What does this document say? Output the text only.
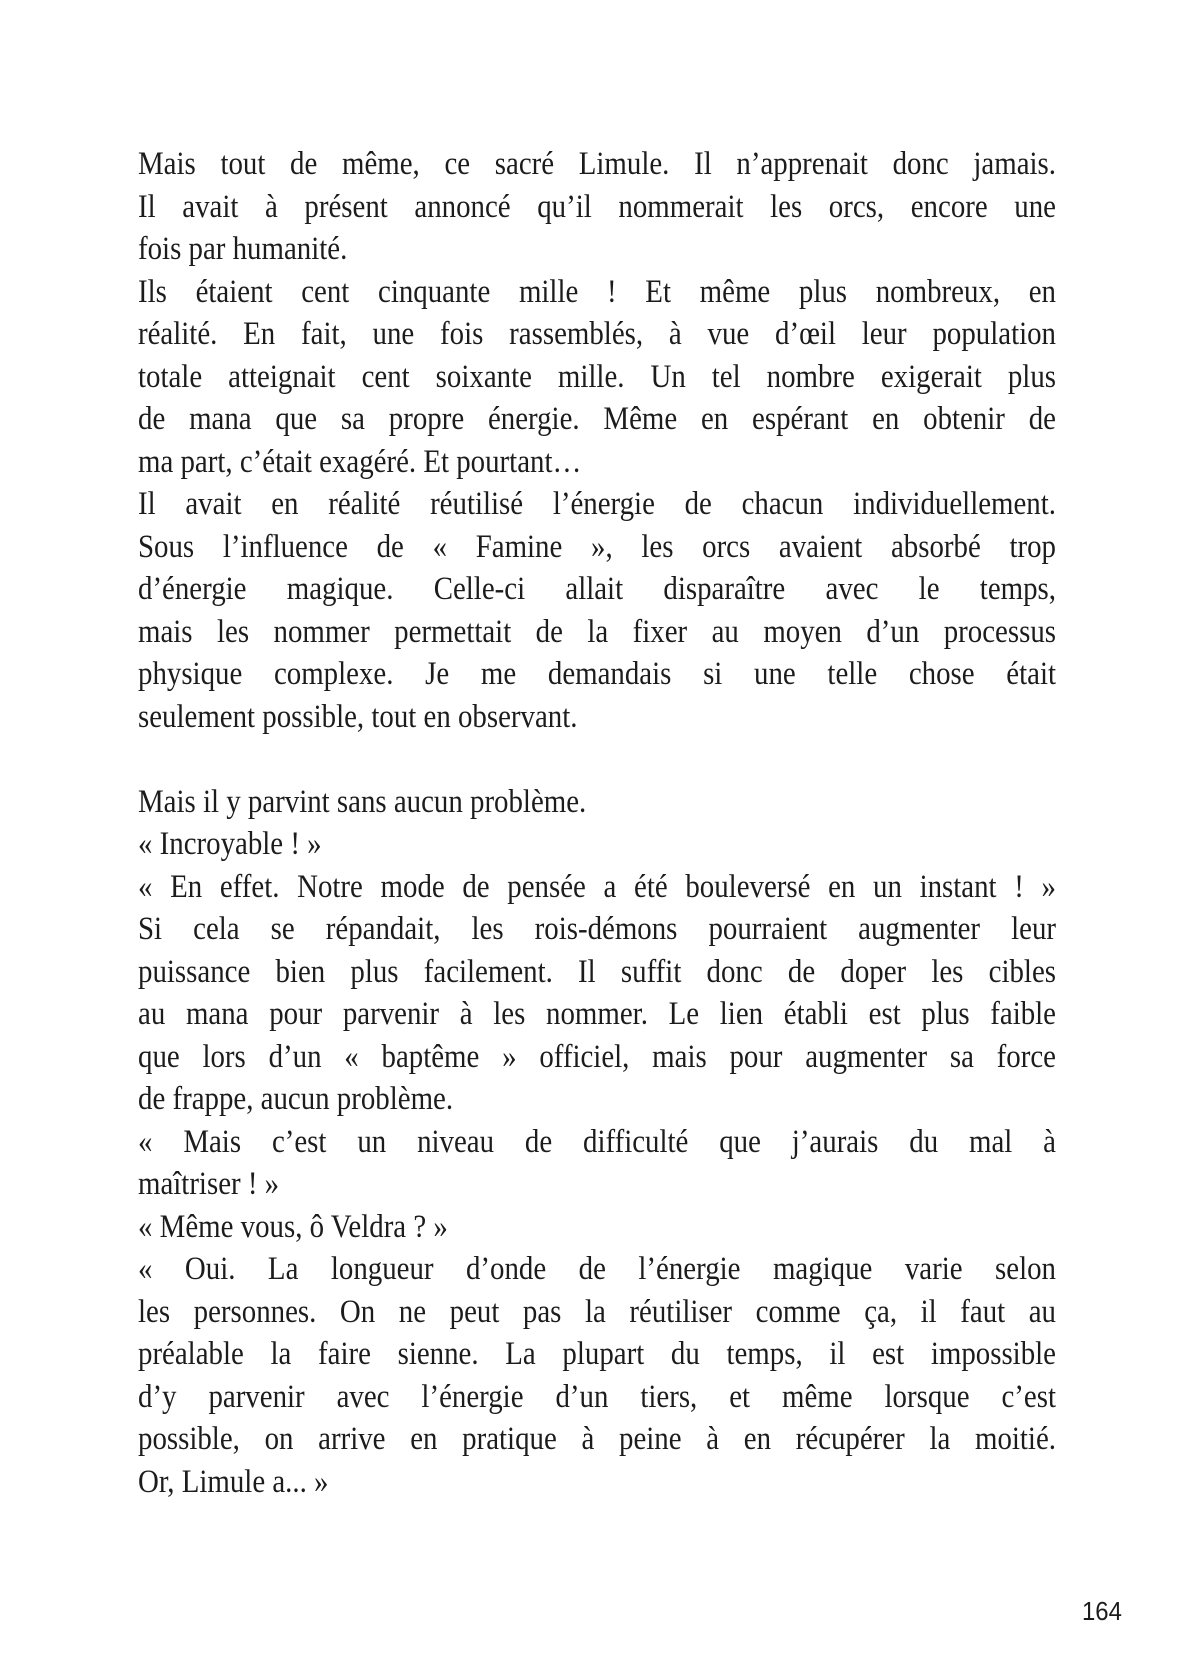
Mais tout de même, ce sacré Limule. Il n’apprenait donc jamais.
Il avait à présent annoncé qu’il nommerait les orcs, encore une
fois par humanité.
Ils étaient cent cinquante mille ! Et même plus nombreux, en
réalité. En fait, une fois rassemblés, à vue d’œil leur population
totale atteignait cent soixante mille. Un tel nombre exigerait plus
de mana que sa propre énergie. Même en espérant en obtenir de
ma part, c’était exagéré. Et pourtant…
Il avait en réalité réutilisé l’énergie de chacun individuellement.
Sous l’influence de « Famine », les orcs avaient absorbé trop
d’énergie magique. Celle-ci allait disparaître avec le temps,
mais les nommer permettait de la fixer au moyen d’un processus
physique complexe. Je me demandais si une telle chose était
seulement possible, tout en observant.
Mais il y parvint sans aucun problème.
« Incroyable ! »
« En effet. Notre mode de pensée a été bouleversé en un instant ! »
Si cela se répandait, les rois-démons pourraient augmenter leur
puissance bien plus facilement. Il suffit donc de doper les cibles
au mana pour parvenir à les nommer. Le lien établi est plus faible
que lors d’un « baptême » officiel, mais pour augmenter sa force
de frappe, aucun problème.
« Mais c’est un niveau de difficulté que j’aurais du mal à
maîtriser ! »
« Même vous, ô Veldra ? »
« Oui. La longueur d’onde de l’énergie magique varie selon
les personnes. On ne peut pas la réutiliser comme ça, il faut au
préalable la faire sienne. La plupart du temps, il est impossible
d’y parvenir avec l’énergie d’un tiers, et même lorsque c’est
possible, on arrive en pratique à peine à en récupérer la moitié.
Or, Limule a... »
164
